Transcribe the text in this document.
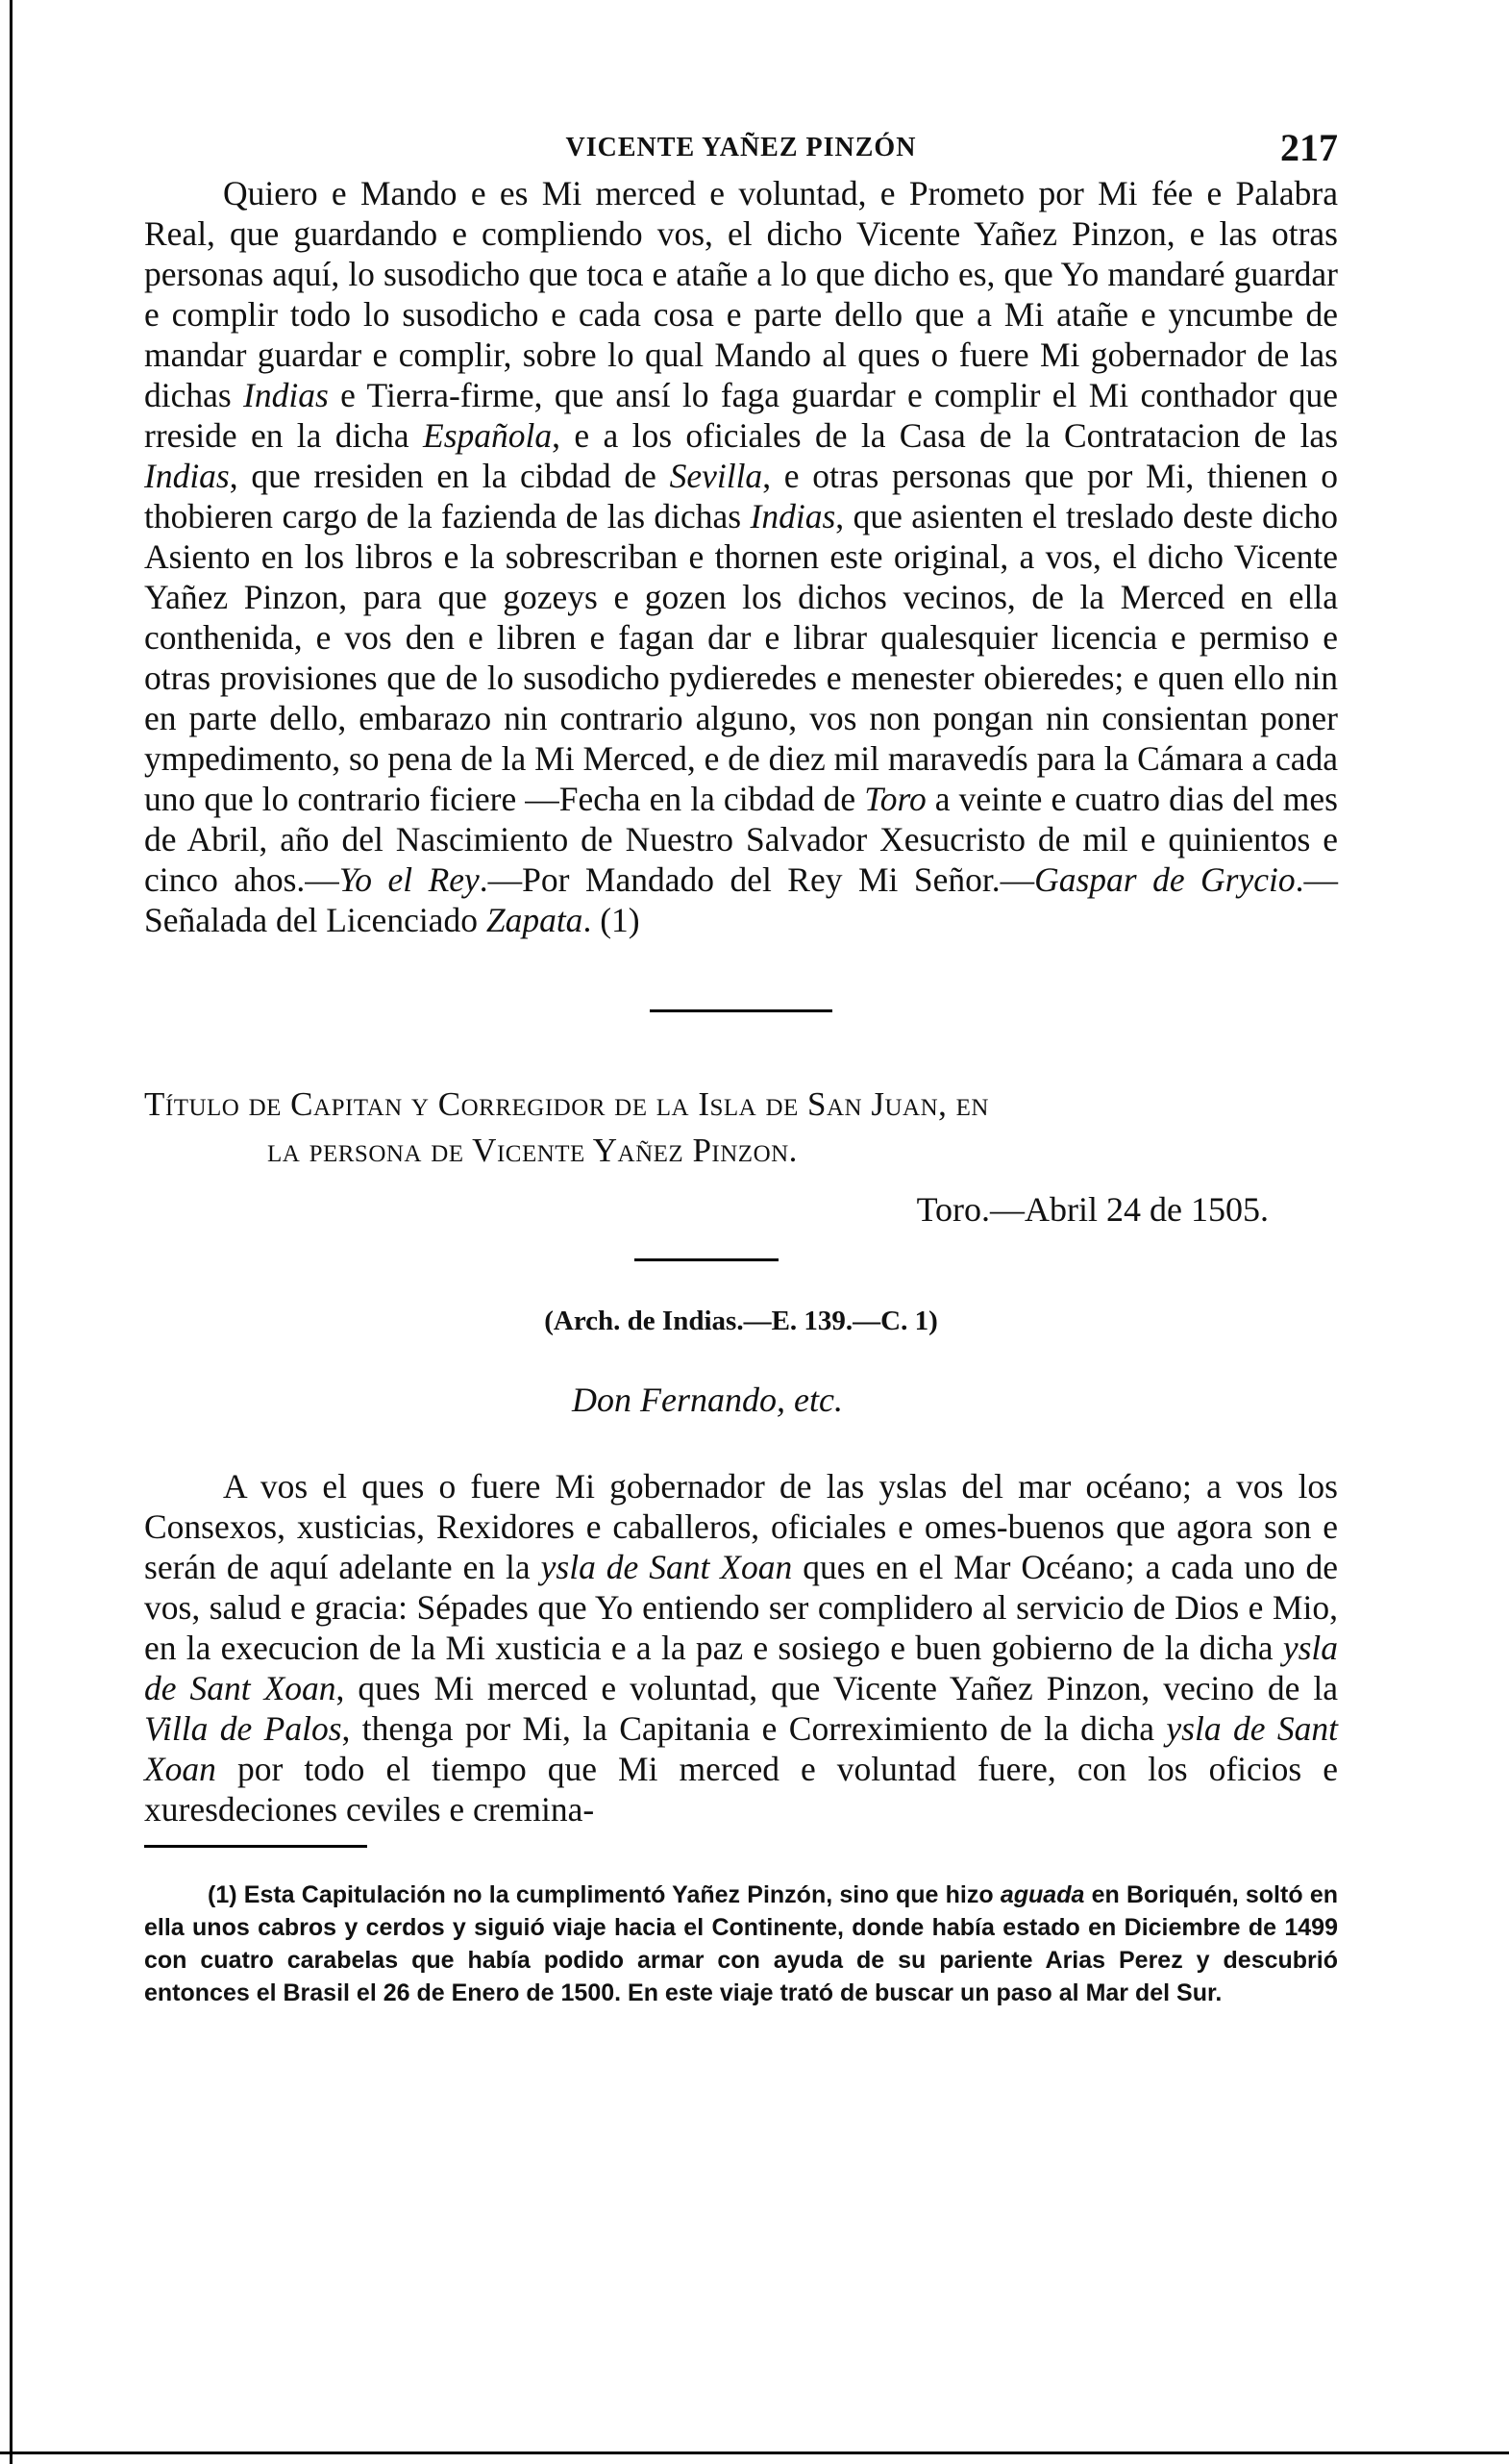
VICENTE YAÑEZ PINZÓN	217

Quiero e Mando e es Mi merced e voluntad, e Prometo por Mi fée e Palabra Real, que guardando e compliendo vos, el dicho Vicente Yañez Pinzon, e las otras personas aquí, lo susodicho que toca e atañe a lo que dicho es, que Yo mandaré guardar e complir todo lo susodicho e cada cosa e parte dello que a Mi atañe e yncumbe de mandar guardar e complir, sobre lo qual Mando al ques o fuere Mi gobernador de las dichas Indias e Tierra-firme, que ansí lo faga guardar e complir el Mi conthador que rreside en la dicha Española, e a los oficiales de la Casa de la Contratacion de las Indias, que rresiden en la cibdad de Sevilla, e otras personas que por Mi, thienen o thobieren cargo de la fazienda de las dichas Indias, que asienten el treslado deste dicho Asiento en los libros e la sobrescriban e thornen este original, a vos, el dicho Vicente Yañez Pinzon, para que gozeys e gozen los dichos vecinos, de la Merced en ella conthenida, e vos den e libren e fagan dar e librar qualesquier licencia e permiso e otras provisiones que de lo susodicho pydieredes e menester obieredes; e quen ello nin en parte dello, embarazo nin contrario alguno, vos non pongan nin consientan poner ympedimento, so pena de la Mi Merced, e de diez mil maravedís para la Cámara a cada uno que lo contrario ficiere —Fecha en la cibdad de Toro a veinte e cuatro dias del mes de Abril, año del Nascimiento de Nuestro Salvador Xesucristo de mil e quinientos e cinco ahos.—Yo el Rey.—Por Mandado del Rey Mi Señor.—Gaspar de Grycio.—Señalada del Licenciado Zapata. (1)

Título de Capitan y Corregidor de la Isla de San Juan, en
la persona de Vicente Yañez Pinzon.
Toro.—Abril 24 de 1505.
(Arch. de Indias.—E. 139.—C. 1)
Don Fernando, etc.

A vos el ques o fuere Mi gobernador de las yslas del mar océano; a vos los Consexos, xusticias, Rexidores e caballeros, oficiales e omes-buenos que agora son e serán de aquí adelante en la ysla de Sant Xoan ques en el Mar Océano; a cada uno de vos, salud e gracia: Sépades que Yo entiendo ser complidero al servicio de Dios e Mio, en la execucion de la Mi xusticia e a la paz e sosiego e buen gobierno de la dicha ysla de Sant Xoan, ques Mi merced e voluntad, que Vicente Yañez Pinzon, vecino de la Villa de Palos, thenga por Mi, la Capitania e Correximiento de la dicha ysla de Sant Xoan por todo el tiempo que Mi merced e voluntad fuere, con los oficios e xuresdeciones ceviles e cremina-

(1) Esta Capitulación no la cumplimentó Yañez Pinzón, sino que hizo aguada en Boriquén, soltó en ella unos cabros y cerdos y siguió viaje hacia el Continente, donde había estado en Diciembre de 1499 con cuatro carabelas que había podido armar con ayuda de su pariente Arias Perez y descubrió entonces el Brasil el 26 de Enero de 1500. En este viaje trató de buscar un paso al Mar del Sur.
